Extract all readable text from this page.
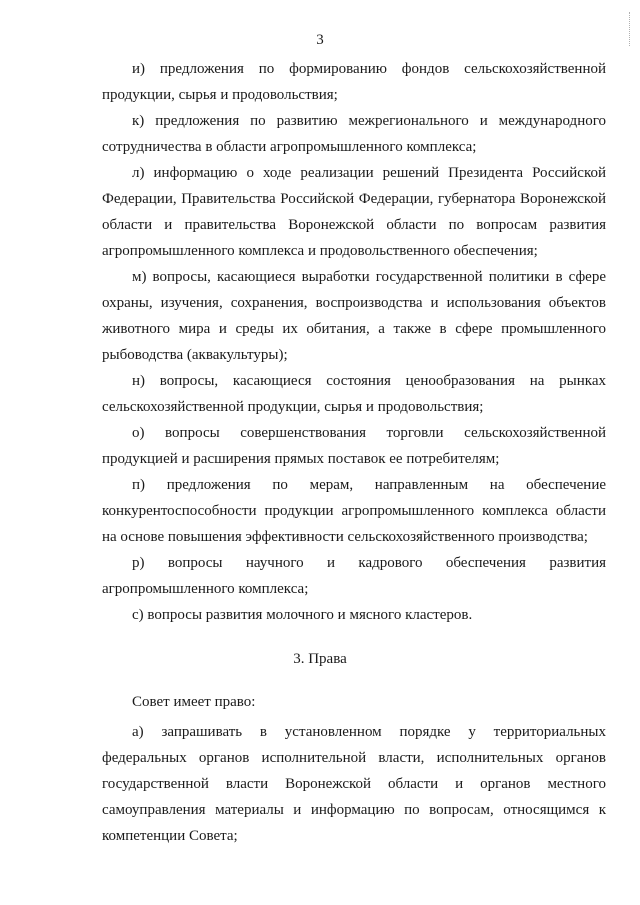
3

и) предложения по формированию фондов сельскохозяйственной продукции, сырья и продовольствия;

к) предложения по развитию межрегионального и международного сотрудничества в области агропромышленного комплекса;

л) информацию о ходе реализации решений Президента Российской Федерации, Правительства Российской Федерации, губернатора Воронежской области и правительства Воронежской области по вопросам развития агропромышленного комплекса и продовольственного обеспечения;

м) вопросы, касающиеся выработки государственной политики в сфере охраны, изучения, сохранения, воспроизводства и использования объектов животного мира и среды их обитания, а также в сфере промышленного рыбоводства (аквакультуры);

н) вопросы, касающиеся состояния ценообразования на рынках сельскохозяйственной продукции, сырья и продовольствия;

о) вопросы совершенствования торговли сельскохозяйственной продукцией и расширения прямых поставок ее потребителям;

п) предложения по мерам, направленным на обеспечение конкурентоспособности продукции агропромышленного комплекса области на основе повышения эффективности сельскохозяйственного производства;

р) вопросы научного и кадрового обеспечения развития агропромышленного комплекса;

с) вопросы развития молочного и мясного кластеров.

3. Права

Совет имеет право:

а) запрашивать в установленном порядке у территориальных федеральных органов исполнительной власти, исполнительных органов государственной власти Воронежской области и органов местного самоуправления материалы и информацию по вопросам, относящимся к компетенции Совета;
